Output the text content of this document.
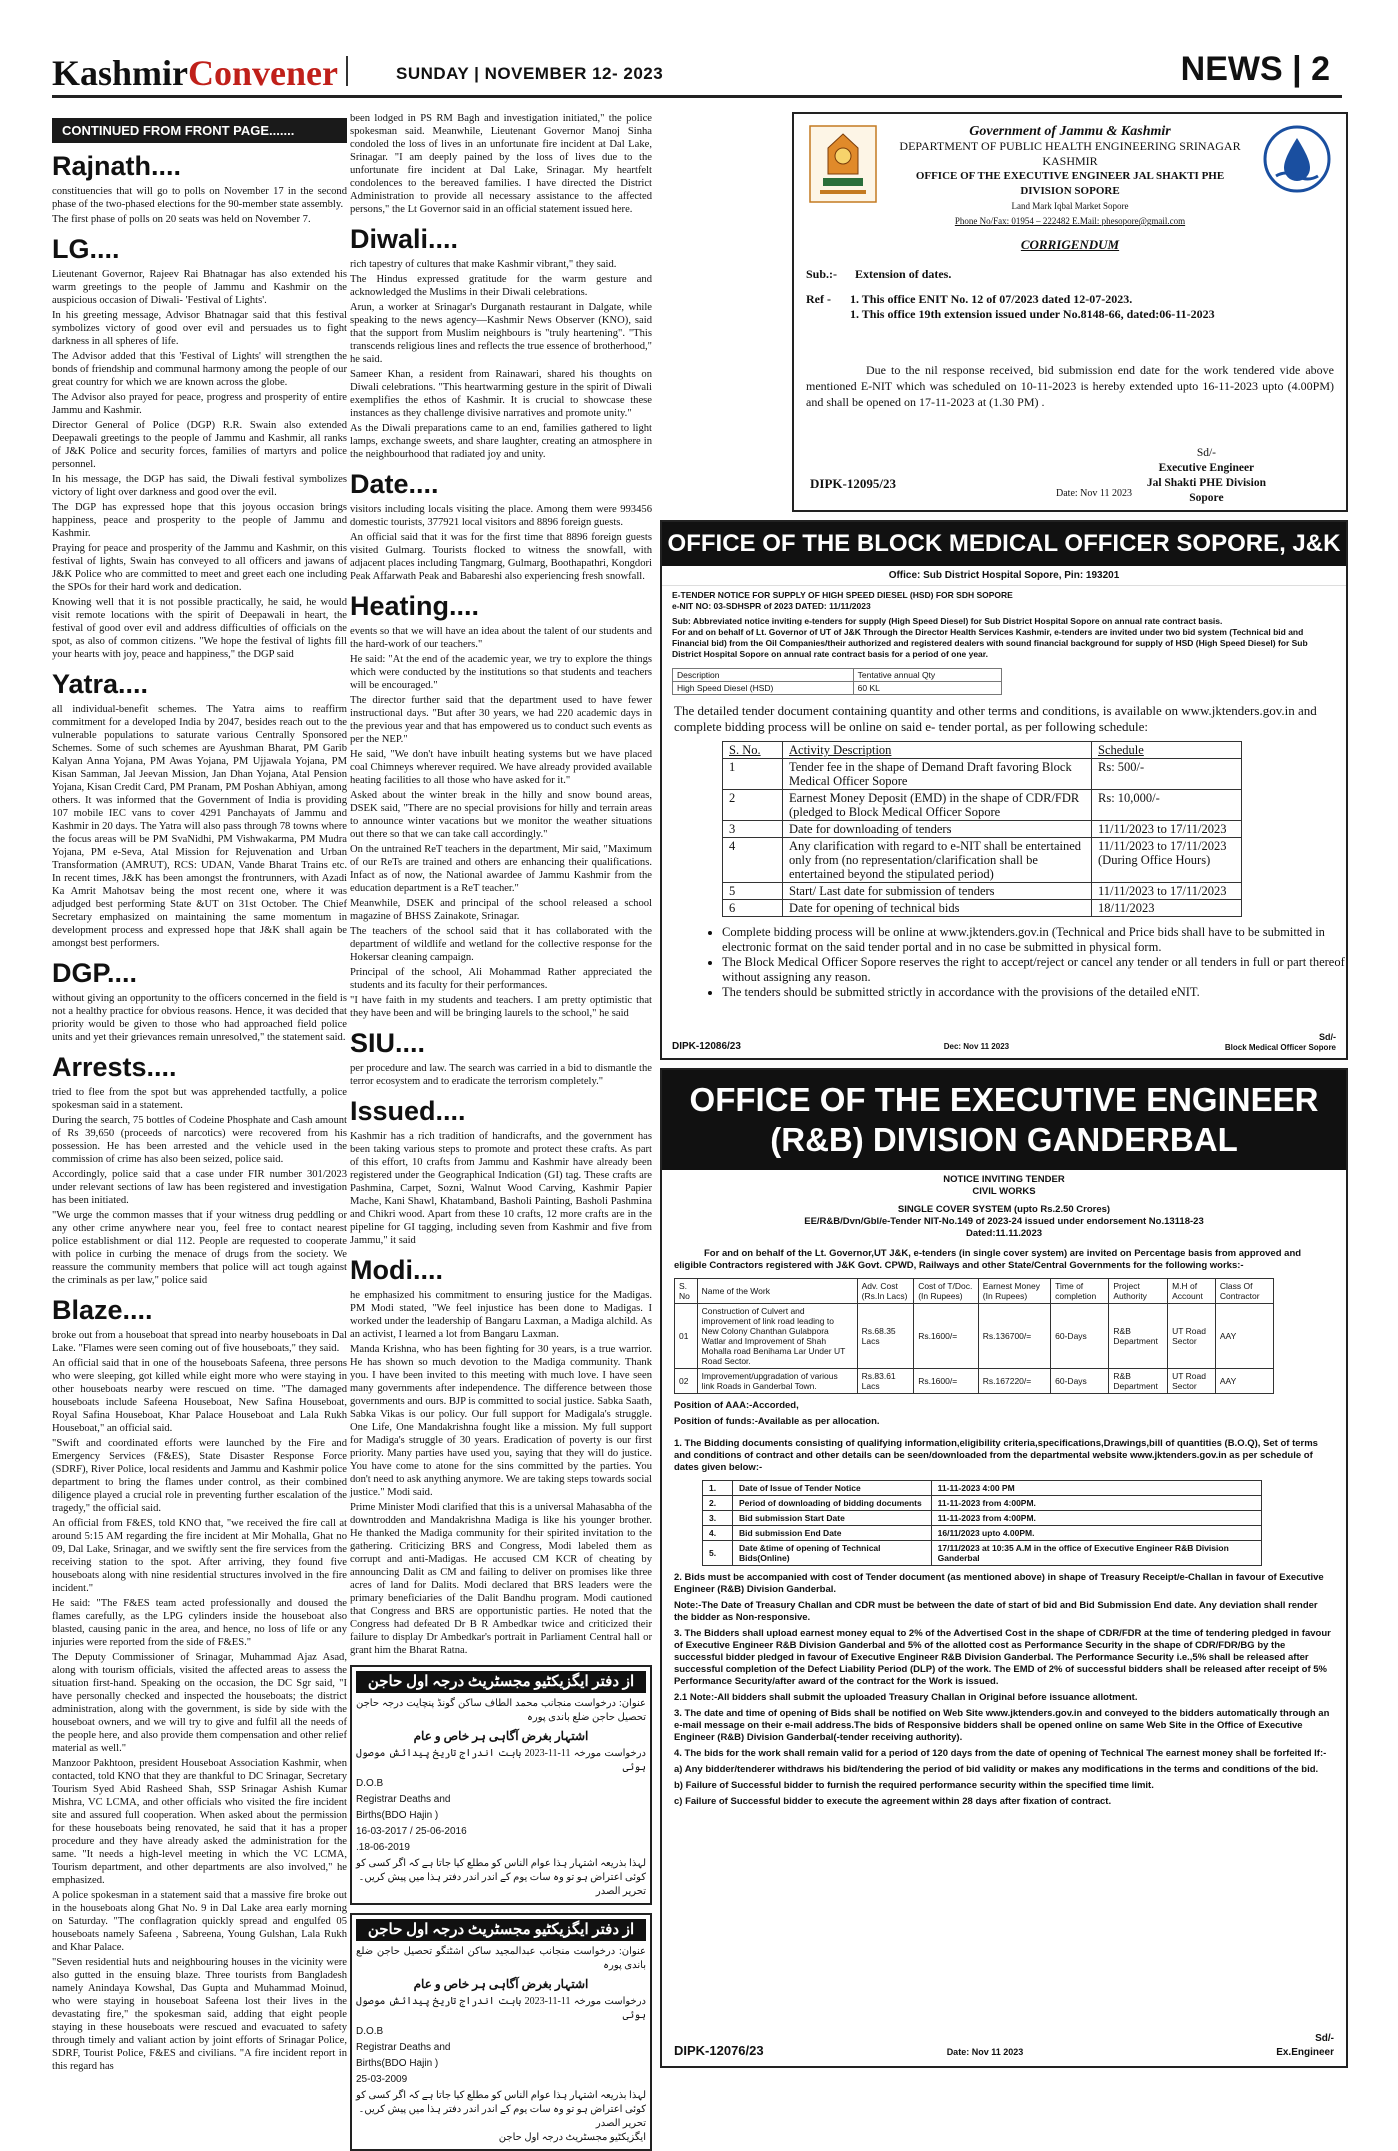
KashmirConvener	SUNDAY | NOVEMBER 12- 2023	NEWS | 2
CONTINUED FROM FRONT PAGE.......
Rajnath....

constituencies that will go to polls on November 17 in the second phase of the two-phased elections for the 90-member state assembly.

The first phase of polls on 20 seats was held on November 7.

LG....

Lieutenant Governor, Rajeev Rai Bhatnagar has also extended his warm greetings to the people of Jammu and Kashmir on the auspicious occasion of Diwali- 'Festival of Lights'.

In his greeting message, Advisor Bhatnagar said that this festival symbolizes victory of good over evil and persuades us to fight darkness in all spheres of life.

The Advisor added that this 'Festival of Lights' will strengthen the bonds of friendship and communal harmony among the people of our great country for which we are known across the globe.

The Advisor also prayed for peace, progress and prosperity of entire Jammu and Kashmir.

Director General of Police (DGP) R.R. Swain also extended Deepawali greetings to the people of Jammu and Kashmir, all ranks of J&K Police and security forces, families of martyrs and police personnel.

In his message, the DGP has said, the Diwali festival symbolizes victory of light over darkness and good over the evil.

The DGP has expressed hope that this joyous occasion brings happiness, peace and prosperity to the people of Jammu and Kashmir.

Praying for peace and prosperity of the Jammu and Kashmir, on this festival of lights, Swain has conveyed to all officers and jawans of J&K Police who are committed to meet and greet each one including the SPOs for their hard work and dedication.

Knowing well that it is not possible practically, he said, he would visit remote locations with the spirit of Deepawali in heart, the festival of good over evil and address difficulties of officials on the spot, as also of common citizens. "We hope the festival of lights fill your hearts with joy, peace and happiness," the DGP said

Yatra....

all individual-benefit schemes. The Yatra aims to reaffirm commitment for a developed India by 2047, besides reach out to the vulnerable populations to saturate various Centrally Sponsored Schemes. Some of such schemes are Ayushman Bharat, PM Garib Kalyan Anna Yojana, PM Awas Yojana, PM Ujjawala Yojana, PM Kisan Samman, Jal Jeevan Mission, Jan Dhan Yojana, Atal Pension Yojana, Kisan Credit Card, PM Pranam, PM Poshan Abhiyan, among others. It was informed that the Government of India is providing 107 mobile IEC vans to cover 4291 Panchayats of Jammu and Kashmir in 20 days. The Yatra will also pass through 78 towns where the focus areas will be PM SvaNidhi, PM Vishwakarma, PM Mudra Yojana, PM e-Seva, Atal Mission for Rejuvenation and Urban Transformation (AMRUT), RCS: UDAN, Vande Bharat Trains etc. In recent times, J&K has been amongst the frontrunners, with Azadi Ka Amrit Mahotsav being the most recent one, where it was adjudged best performing State &UT on 31st October. The Chief Secretary emphasized on maintaining the same momentum in development process and expressed hope that J&K shall again be amongst best performers.

DGP....

without giving an opportunity to the officers concerned in the field is not a healthy practice for obvious reasons. Hence, it was decided that priority would be given to those who had approached field police units and yet their grievances remain unresolved," the statement said.

Arrests....

tried to flee from the spot but was apprehended tactfully, a police spokesman said in a statement.

During the search, 75 bottles of Codeine Phosphate and Cash amount of Rs 39,650 (proceeds of narcotics) were recovered from his possession. He has been arrested and the vehicle used in the commission of crime has also been seized, police said.

Accordingly, police said that a case under FIR number 301/2023 under relevant sections of law has been registered and investigation has been initiated.

"We urge the common masses that if your witness drug peddling or any other crime anywhere near you, feel free to contact nearest police establishment or dial 112. People are requested to cooperate with police in curbing the menace of drugs from the society. We reassure the community members that police will act tough against the criminals as per law," police said

Blaze....

broke out from a houseboat that spread into nearby houseboats in Dal Lake. "Flames were seen coming out of five houseboats," they said.

An official said that in one of the houseboats Safeena, three persons who were sleeping, got killed while eight more who were staying in other houseboats nearby were rescued on time. "The damaged houseboats include Safeena Houseboat, New Safina Houseboat, Royal Safina Houseboat, Khar Palace Houseboat and Lala Rukh Houseboat," an official said.

"Swift and coordinated efforts were launched by the Fire and Emergency Services (F&ES), State Disaster Response Force (SDRF), River Police, local residents and Jammu and Kashmir police department to bring the flames under control, as their combined diligence played a crucial role in preventing further escalation of the tragedy," the official said.

An official from F&ES, told KNO that, "we received the fire call at around 5:15 AM regarding the fire incident at Mir Mohalla, Ghat no 09, Dal Lake, Srinagar, and we swiftly sent the fire services from the receiving station to the spot. After arriving, they found five houseboats along with nine residential structures involved in the fire incident."

He said: "The F&ES team acted professionally and doused the flames carefully, as the LPG cylinders inside the houseboat also blasted, causing panic in the area, and hence, no loss of life or any injuries were reported from the side of F&ES."

The Deputy Commissioner of Srinagar, Muhammad Ajaz Asad, along with tourism officials, visited the affected areas to assess the situation first-hand. Speaking on the occasion, the DC Sgr said, "I have personally checked and inspected the houseboats; the district administration, along with the government, is side by side with the houseboat owners, and we will try to give and fulfil all the needs of the people here, and also provide them compensation and other relief material as well."

Manzoor Pakhtoon, president Houseboat Association Kashmir, when contacted, told KNO that they are thankful to DC Srinagar, Secretary Tourism Syed Abid Rasheed Shah, SSP Srinagar Ashish Kumar Mishra, VC LCMA, and other officials who visited the fire incident site and assured full cooperation. When asked about the permission for these houseboats being renovated, he said that it has a proper procedure and they have already asked the administration for the same. "It needs a high-level meeting in which the VC LCMA, Tourism department, and other departments are also involved," he emphasized.

A police spokesman in a statement said that a massive fire broke out in the houseboats along Ghat No. 9 in Dal Lake area early morning on Saturday. "The conflagration quickly spread and engulfed 05 houseboats namely Safeena , Sabreena, Young Gulshan, Lala Rukh and Khar Palace.

"Seven residential huts and neighbouring houses in the vicinity were also gutted in the ensuing blaze. Three tourists from Bangladesh namely Anindaya Kowshal, Das Gupta and Muhammad Moinud, who were staying in houseboat Safeena lost their lives in the devastating fire," the spokesman said, adding that eight people staying in these houseboats were rescued and evacuated to safety through timely and valiant action by joint efforts of Srinagar Police, SDRF, Tourist Police, F&ES and civilians. "A fire incident report in this regard has

been lodged in PS RM Bagh and investigation initiated," the police spokesman said. Meanwhile, Lieutenant Governor Manoj Sinha condoled the loss of lives in an unfortunate fire incident at Dal Lake, Srinagar. "I am deeply pained by the loss of lives due to the unfortunate fire incident at Dal Lake, Srinagar. My heartfelt condolences to the bereaved families. I have directed the District Administration to provide all necessary assistance to the affected persons," the Lt Governor said in an official statement issued here.

Diwali....

rich tapestry of cultures that make Kashmir vibrant," they said.

The Hindus expressed gratitude for the warm gesture and acknowledged the Muslims in their Diwali celebrations.

Arun, a worker at Srinagar's Durganath restaurant in Dalgate, while speaking to the news agency—Kashmir News Observer (KNO), said that the support from Muslim neighbours is "truly heartening". "This transcends religious lines and reflects the true essence of brotherhood," he said.

Sameer Khan, a resident from Rainawari, shared his thoughts on Diwali celebrations. "This heartwarming gesture in the spirit of Diwali exemplifies the ethos of Kashmir. It is crucial to showcase these instances as they challenge divisive narratives and promote unity."

As the Diwali preparations came to an end, families gathered to light lamps, exchange sweets, and share laughter, creating an atmosphere in the neighbourhood that radiated joy and unity.

Date....

visitors including locals visiting the place. Among them were 993456 domestic tourists, 377921 local visitors and 8896 foreign guests.

An official said that it was for the first time that 8896 foreign guests visited Gulmarg. Tourists flocked to witness the snowfall, with adjacent places including Tangmarg, Gulmarg, Boothapathri, Kongdori Peak Affarwath Peak and Babareshi also experiencing fresh snowfall.

Heating....

events so that we will have an idea about the talent of our students and the hard-work of our teachers."

He said: "At the end of the academic year, we try to explore the things which were conducted by the institutions so that students and teachers will be encouraged."

The director further said that the department used to have fewer instructional days. "But after 30 years, we had 220 academic days in the previous year and that has empowered us to conduct such events as per the NEP."

He said, "We don't have inbuilt heating systems but we have placed coal Chimneys wherever required. We have already provided available heating facilities to all those who have asked for it."

Asked about the winter break in the hilly and snow bound areas, DSEK said, "There are no special provisions for hilly and terrain areas to announce winter vacations but we monitor the weather situations out there so that we can take call accordingly."

On the untrained ReT teachers in the department, Mir said, "Maximum of our ReTs are trained and others are enhancing their qualifications. Infact as of now, the National awardee of Jammu Kashmir from the education department is a ReT teacher."

Meanwhile, DSEK and principal of the school released a school magazine of BHSS Zainakote, Srinagar.

The teachers of the school said that it has collaborated with the department of wildlife and wetland for the collective response for the Hokersar cleaning campaign.

Principal of the school, Ali Mohammad Rather appreciated the students and its faculty for their performances.

"I have faith in my students and teachers. I am pretty optimistic that they have been and will be bringing laurels to the school," he said

SIU....

per procedure and law. The search was carried in a bid to dismantle the terror ecosystem and to eradicate the terrorism completely."

Issued....

Kashmir has a rich tradition of handicrafts, and the government has been taking various steps to promote and protect these crafts. As part of this effort, 10 crafts from Jammu and Kashmir have already been registered under the Geographical Indication (GI) tag. These crafts are Pashmina, Carpet, Sozni, Walnut Wood Carving, Kashmir Papier Mache, Kani Shawl, Khatamband, Basholi Painting, Basholi Pashmina and Chikri wood. Apart from these 10 crafts, 12 more crafts are in the pipeline for GI tagging, including seven from Kashmir and five from Jammu," it said

Modi....

he emphasized his commitment to ensuring justice for the Madigas. PM Modi stated, "We feel injustice has been done to Madigas. I worked under the leadership of Bangaru Laxman, a Madiga alchild. As an activist, I learned a lot from Bangaru Laxman.

Manda Krishna, who has been fighting for 30 years, is a true warrior. He has shown so much devotion to the Madiga community. Thank you. I have been invited to this meeting with much love. I have seen many governments after independence. The difference between those governments and ours. BJP is committed to social justice. Sabka Saath, Sabka Vikas is our policy. Our full support for Madigala's struggle. One Life, One Mandakrishna fought like a mission. My full support for Madiga's struggle of 30 years. Eradication of poverty is our first priority. Many parties have used you, saying that they will do justice. You have come to atone for the sins committed by the parties. You don't need to ask anything anymore. We are taking steps towards social justice." Modi said.

Prime Minister Modi clarified that this is a universal Mahasabha of the downtrodden and Mandakrishna Madiga is like his younger brother. He thanked the Madiga community for their spirited invitation to the gathering. Criticizing BRS and Congress, Modi labeled them as corrupt and anti-Madigas. He accused CM KCR of cheating by announcing Dalit as CM and failing to deliver on promises like three acres of land for Dalits. Modi declared that BRS leaders were the primary beneficiaries of the Dalit Bandhu program. Modi cautioned that Congress and BRS are opportunistic parties. He noted that the Congress had defeated Dr B R Ambedkar twice and criticized their failure to display Dr Ambedkar's portrait in Parliament Central hall or grant him the Bharat Ratna.

از دفتر ایگزیکٹیو مجسٹریٹ درجہ اول حاجن
عنوان: درخواست منجانب محمد الطاف ساکن گونڈ پنچایت درجہ حاجن تحصیل حاجن ضلع باندی پورہ
اشتہار بغرض آگاہی ہر خاص و عام
درخواست مورخہ 11-11-2023 بابت اندراج تاریخ پیدائش موصول ہوئی
D.O.B
Registrar Deaths and
Births(BDO Hajin )
16-03-2017 / 25-06-2016
.18-06-2019
لہذا بذریعہ اشتہار ہذا عوام الناس کو مطلع کیا جاتا ہے کہ اگر کسی کو کوئی اعتراض ہو تو وہ سات یوم کے اندر اندر دفتر ہذا میں پیش کریں۔
تحریر الصدر
از دفتر ایگزیکٹیو مجسٹریٹ درجہ اول حاجن
عنوان: درخواست منجانب عبدالمجید ساکن اشٹنگو تحصیل حاجن ضلع باندی پورہ
اشتہار بغرض آگاہی ہر خاص و عام
درخواست مورخہ 11-11-2023 بابت اندراج تاریخ پیدائش موصول ہوئی
D.O.B
Registrar Deaths and
Births(BDO Hajin )
25-03-2009
لہذا بذریعہ اشتہار ہذا عوام الناس کو مطلع کیا جاتا ہے کہ اگر کسی کو کوئی اعتراض ہو تو وہ سات یوم کے اندر اندر دفتر ہذا میں پیش کریں۔
تحریر الصدر
ایگزیکٹیو مجسٹریٹ درجہ اول حاجن
Government of Jammu & Kashmir
DEPARTMENT OF PUBLIC HEALTH ENGINEERING SRINAGAR KASHMIR
OFFICE OF THE EXECUTIVE ENGINEER JAL SHAKTI PHE DIVISION SOPORE
Land Mark Iqbal Market Sopore
Phone No/Fax: 01954 – 222482 E.Mail: phesopore@gmail.com
CORRIGENDUM
Sub.:- Extension of dates.
Ref -	1. This office ENIT No. 12 of 07/2023 dated 12-07-2023.
1. This office 19th extension issued under No.8148-66, dated:06-11-2023
Due to the nil response received, bid submission end date for the work tendered vide above mentioned E-NIT which was scheduled on 10-11-2023 is hereby extended upto 16-11-2023 upto (4.00PM) and shall be opened on 17-11-2023 at (1.30 PM) .
Sd/-
Executive Engineer
Jal Shakti PHE Division
Sopore
DIPK-12095/23
Date: Nov 11 2023
OFFICE OF THE BLOCK MEDICAL OFFICER SOPORE, J&K
Office: Sub District Hospital Sopore, Pin: 193201
E-TENDER NOTICE FOR SUPPLY OF HIGH SPEED DIESEL (HSD) FOR SDH SOPORE
e-NIT NO: 03-SDHSPR of 2023 DATED: 11/11/2023
Sub: Abbreviated notice inviting e-tenders for supply (High Speed Diesel) for Sub District Hospital Sopore on annual rate contract basis.
For and on behalf of Lt. Governor of UT of J&K Through the Director Health Services Kashmir, e-tenders are invited under two bid system (Technical bid and Financial bid) from the Oil Companies/their authorized and registered dealers with sound financial background for supply of HSD (High Speed Diesel) for Sub District Hospital Sopore on annual rate contract basis for a period of one year.
Description	Tentative annual Qty
High Speed Diesel (HSD)	60 KL
The detailed tender document containing quantity and other terms and conditions, is available on www.jktenders.gov.in and complete bidding process will be online on said e- tender portal, as per following schedule:
S. No.	Activity Description	Schedule
1	Tender fee in the shape of Demand Draft favoring Block Medical Officer Sopore	Rs: 500/-
2	Earnest Money Deposit (EMD) in the shape of CDR/FDR (pledged to Block Medical Officer Sopore	Rs: 10,000/-
3	Date for downloading of tenders	11/11/2023 to 17/11/2023
4	Any clarification with regard to e-NIT shall be entertained only from (no representation/clarification shall be entertained beyond the stipulated period)	11/11/2023 to 17/11/2023 (During Office Hours)
5	Start/ Last date for submission of tenders	11/11/2023 to 17/11/2023
6	Date for opening of technical bids	18/11/2023
• Complete bidding process will be online at www.jktenders.gov.in (Technical and Price bids shall have to be submitted in electronic format on the said tender portal and in no case be submitted in physical form.
• The Block Medical Officer Sopore reserves the right to accept/reject or cancel any tender or all tenders in full or part thereof without assigning any reason.
• The tenders should be submitted strictly in accordance with the provisions of the detailed eNIT.
DIPK-12086/23	Dec: Nov 11 2023
Sd/-
Block Medical Officer Sopore
OFFICE OF THE EXECUTIVE ENGINEER
(R&B) DIVISION GANDERBAL
NOTICE INVITING TENDER
CIVIL WORKS
SINGLE COVER SYSTEM (upto Rs.2.50 Crores)
EE/R&B/Dvn/Gbl/e-Tender NIT-No.149 of 2023-24 issued under endorsement No.13118-23
Dated:11.11.2023
For and on behalf of the Lt. Governor,UT J&K, e-tenders (in single cover system) are invited on Percentage basis from approved and eligible Contractors registered with J&K Govt. CPWD, Railways and other State/Central Governments for the following works:-
S. No	Name of the Work	Adv. Cost (Rs.In Lacs)	Cost of T/Doc. (In Rupees)	Earnest Money (In Rupees)	Time of completion	Project Authority	M.H of Account	Class Of Contractor
01	Construction of Culvert and improvement of link road leading to New Colony Chanthan Gulabpora Watlar and Improvement of Shah Mohalla road Benihama Lar Under UT Road Sector.	Rs.68.35 Lacs	Rs.1600/=	Rs.136700/=	60-Days	R&B Department	UT Road Sector	AAY
02	Improvement/upgradation of various link Roads in Ganderbal Town.	Rs.83.61 Lacs	Rs.1600/=	Rs.167220/=	60-Days	R&B Department	UT Road Sector	AAY
Position of AAA:-Accorded,
Position of funds:-Available as per allocation.
1. The Bidding documents consisting of qualifying information,eligibility criteria,specifications,Drawings,bill of quantities (B.O.Q), Set of terms and conditions of contract and other details can be seen/downloaded from the departmental website www.jktenders.gov.in as per schedule of dates given below:-
1.	Date of Issue of Tender Notice	11-11-2023 4:00 PM
2.	Period of downloading of bidding documents	11-11-2023 from 4:00PM.
3.	Bid submission Start Date	11-11-2023 from 4:00PM.
4.	Bid submission End Date	16/11/2023 upto 4.00PM.
5.	Date &time of opening of Technical Bids(Online)	17/11/2023 at 10:35 A.M in the office of Executive Engineer R&B Division Ganderbal
2. Bids must be accompanied with cost of Tender document (as mentioned above) in shape of Treasury Receipt/e-Challan in favour of Executive Engineer (R&B) Division Ganderbal.
Note:-The Date of Treasury Challan and CDR must be between the date of start of bid and Bid Submission End date. Any deviation shall render the bidder as Non-responsive.
3. The Bidders shall upload earnest money equal to 2% of the Advertised Cost in the shape of CDR/FDR at the time of tendering pledged in favour of Executive Engineer R&B Division Ganderbal and 5% of the allotted cost as Performance Security in the shape of CDR/FDR/BG by the successful bidder pledged in favour of Executive Engineer R&B Division Ganderbal. The Performance Security i.e.,5% shall be released after successful completion of the Defect Liability Period (DLP) of the work. The EMD of 2% of successful bidders shall be released after receipt of 5% Performance Security/after award of the contract for the Work is issued.
2.1 Note:-All bidders shall submit the uploaded Treasury Challan in Original before issuance allotment.
3. The date and time of opening of Bids shall be notified on Web Site www.jktenders.gov.in and conveyed to the bidders automatically through an e-mail message on their e-mail address.The bids of Responsive bidders shall be opened online on same Web Site in the Office of Executive Engineer (R&B) Division Ganderbal(-tender receiving authority).
4. The bids for the work shall remain valid for a period of 120 days from the date of opening of Technical The earnest money shall be forfeited If:-
a) Any bidder/tenderer withdraws his bid/tendering the period of bid validity or makes any modifications in the terms and conditions of the bid.
b) Failure of Successful bidder to furnish the required performance security within the specified time limit.
c) Failure of Successful bidder to execute the agreement within 28 days after fixation of contract.
DIPK-12076/23	Date: Nov 11 2023
Sd/-
Ex.Engineer
